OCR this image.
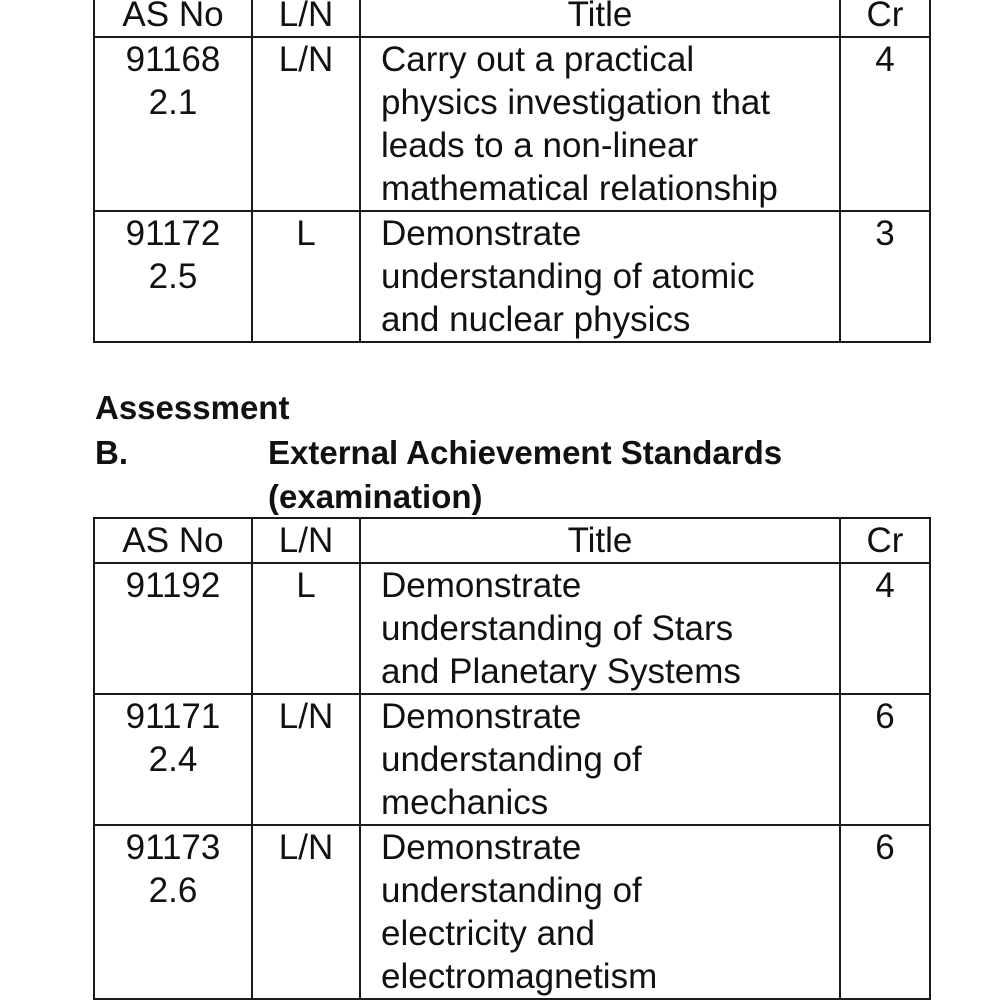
AS No	L/N	Title	Cr

91168
2.1	L/N	Carry out a practical
physics investigation that
leads to a non-linear
mathematical relationship	4

91172
2.5	L	Demonstrate
understanding of atomic
and nuclear physics	3
Assessment
B.	External Achievement Standards
(examination)
AS No	L/N	Title	Cr

91192	L	Demonstrate
understanding of Stars
and Planetary Systems	4

91171
2.4	L/N	Demonstrate
understanding of
mechanics	6

91173
2.6	L/N	Demonstrate
understanding of
electricity and
electromagnetism	6
